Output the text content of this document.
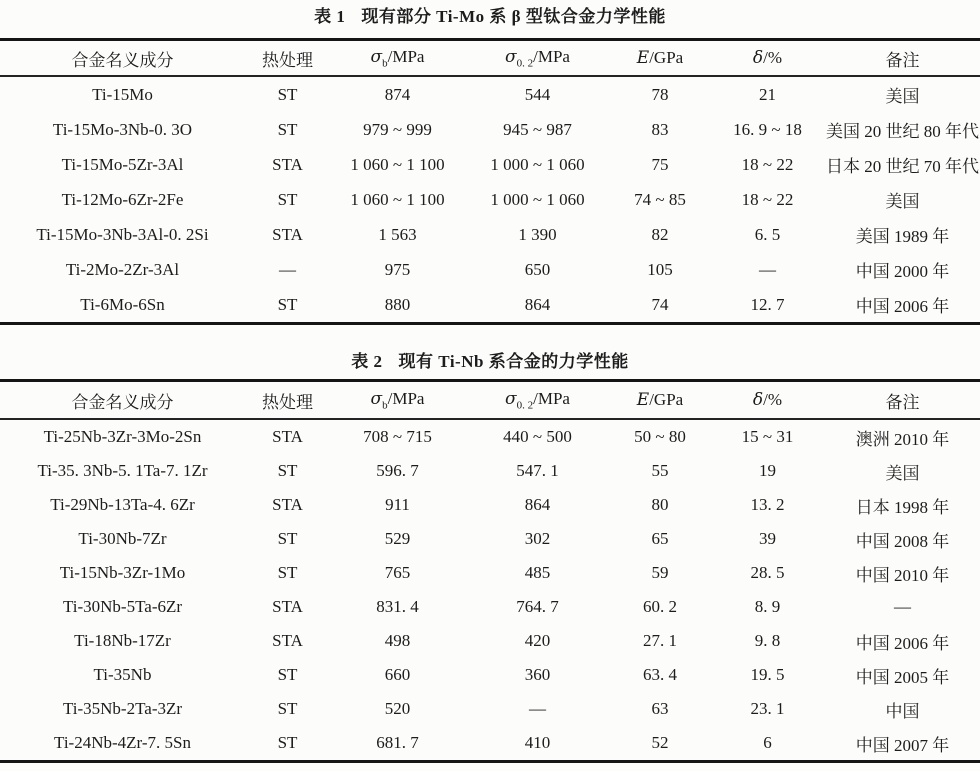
表 1 现有部分 Ti-Mo 系 β 型钛合金力学性能
合金名义成分	热处理	$\sigma_b$/MPa	$\sigma_{0. 2}$/MPa	E/GPa	δ/%	备注
Ti-15Mo	ST	874	544	78	21	美国
Ti-15Mo-3Nb-0. 3O	ST	979 ~ 999	945 ~ 987	83	16. 9 ~ 18	美国 20 世纪 80 年代
Ti-15Mo-5Zr-3Al	STA	1 060 ~ 1 100	1 000 ~ 1 060	75	18 ~ 22	日本 20 世纪 70 年代
Ti-12Mo-6Zr-2Fe	ST	1 060 ~ 1 100	1 000 ~ 1 060	74 ~ 85	18 ~ 22	美国
Ti-15Mo-3Nb-3Al-0. 2Si	STA	1 563	1 390	82	6. 5	美国 1989 年
Ti-2Mo-2Zr-3Al	—	975	650	105	—	中国 2000 年
Ti-6Mo-6Sn	ST	880	864	74	12. 7	中国 2006 年
表 2 现有 Ti-Nb 系合金的力学性能
合金名义成分	热处理	$\sigma_b$/MPa	$\sigma_{0. 2}$/MPa	E/GPa	δ/%	备注
Ti-25Nb-3Zr-3Mo-2Sn	STA	708 ~ 715	440 ~ 500	50 ~ 80	15 ~ 31	澳洲 2010 年
Ti-35. 3Nb-5. 1Ta-7. 1Zr	ST	596. 7	547. 1	55	19	美国
Ti-29Nb-13Ta-4. 6Zr	STA	911	864	80	13. 2	日本 1998 年
Ti-30Nb-7Zr	ST	529	302	65	39	中国 2008 年
Ti-15Nb-3Zr-1Mo	ST	765	485	59	28. 5	中国 2010 年
Ti-30Nb-5Ta-6Zr	STA	831. 4	764. 7	60. 2	8. 9	—
Ti-18Nb-17Zr	STA	498	420	27. 1	9. 8	中国 2006 年
Ti-35Nb	ST	660	360	63. 4	19. 5	中国 2005 年
Ti-35Nb-2Ta-3Zr	ST	520	—	63	23. 1	中国
Ti-24Nb-4Zr-7. 5Sn	ST	681. 7	410	52	6	中国 2007 年
